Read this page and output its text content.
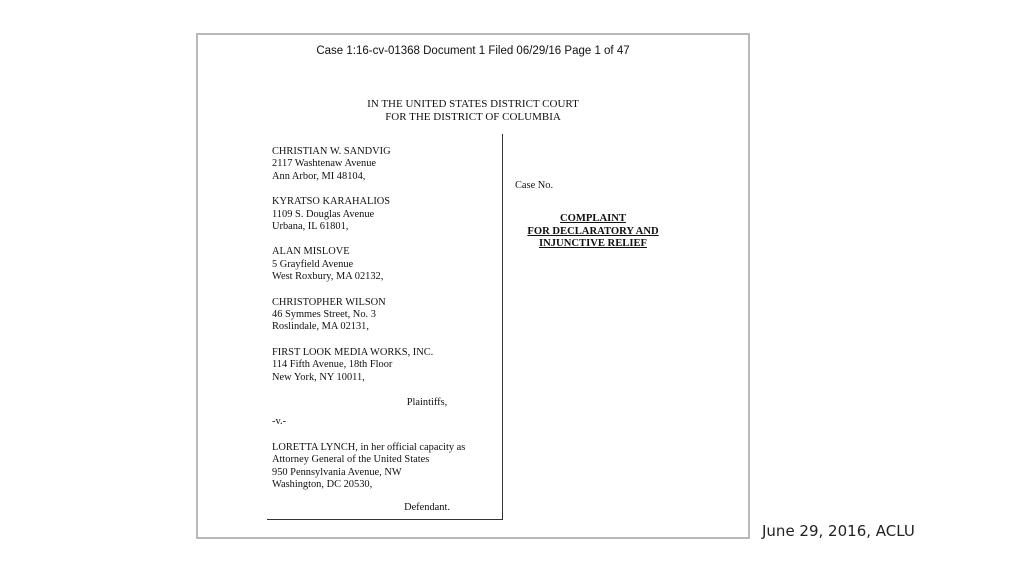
Case 1:16-cv-01368 Document 1 Filed 06/29/16 Page 1 of 47
IN THE UNITED STATES DISTRICT COURT
FOR THE DISTRICT OF COLUMBIA
CHRISTIAN W. SANDVIG
2117 Washtenaw Avenue
Ann Arbor, MI 48104,
KYRATSO KARAHALIOS
1109 S. Douglas Avenue
Urbana, IL 61801,
ALAN MISLOVE
5 Grayfield Avenue
West Roxbury, MA 02132,
CHRISTOPHER WILSON
46 Symmes Street, No. 3
Roslindale, MA 02131,
FIRST LOOK MEDIA WORKS, INC.
114 Fifth Avenue, 18th Floor
New York, NY 10011,
Plaintiffs,
-v.-
LORETTA LYNCH, in her official capacity as
Attorney General of the United States
950 Pennsylvania Avenue, NW
Washington, DC 20530,
Defendant.
Case No.
COMPLAINT
FOR DECLARATORY AND
INJUNCTIVE RELIEF
June 29, 2016, ACLU
